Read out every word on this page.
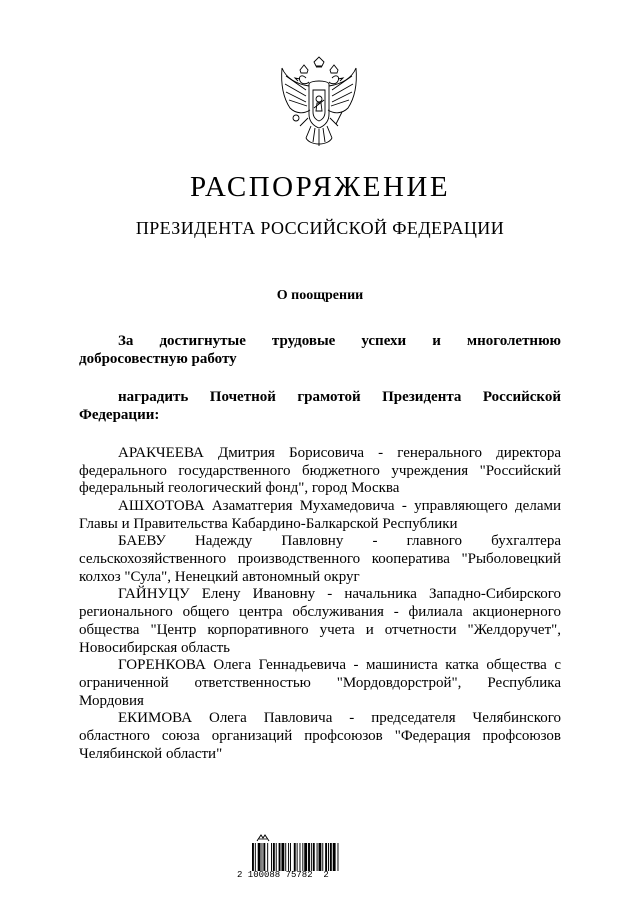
РАСПОРЯЖЕНИЕ
ПРЕЗИДЕНТА РОССИЙСКОЙ ФЕДЕРАЦИИ
О поощрении

За достигнутые трудовые успехи и многолетнюю добросовестную работу

наградить Почетной грамотой Президента Российской Федерации:

АРАКЧЕЕВА Дмитрия Борисовича - генерального директора федерального государственного бюджетного учреждения "Российский федеральный геологический фонд", город Москва

АШХОТОВА Азаматгерия Мухамедовича - управляющего делами Главы и Правительства Кабардино-Балкарской Республики

БАЕВУ Надежду Павловну - главного бухгалтера сельскохозяйственного производственного кооператива "Рыболовецкий колхоз "Сула", Ненецкий автономный округ

ГАЙНУЦУ Елену Ивановну - начальника Западно-Сибирского регионального общего центра обслуживания - филиала акционерного общества "Центр корпоративного учета и отчетности "Желдоручет", Новосибирская область

ГОРЕНКОВА Олега Геннадьевича - машиниста катка общества с ограниченной ответственностью "Мордовдорстрой", Республика Мордовия

ЕКИМОВА Олега Павловича - председателя Челябинского областного союза организаций профсоюзов "Федерация профсоюзов Челябинской области"

2 100088 75782  2
